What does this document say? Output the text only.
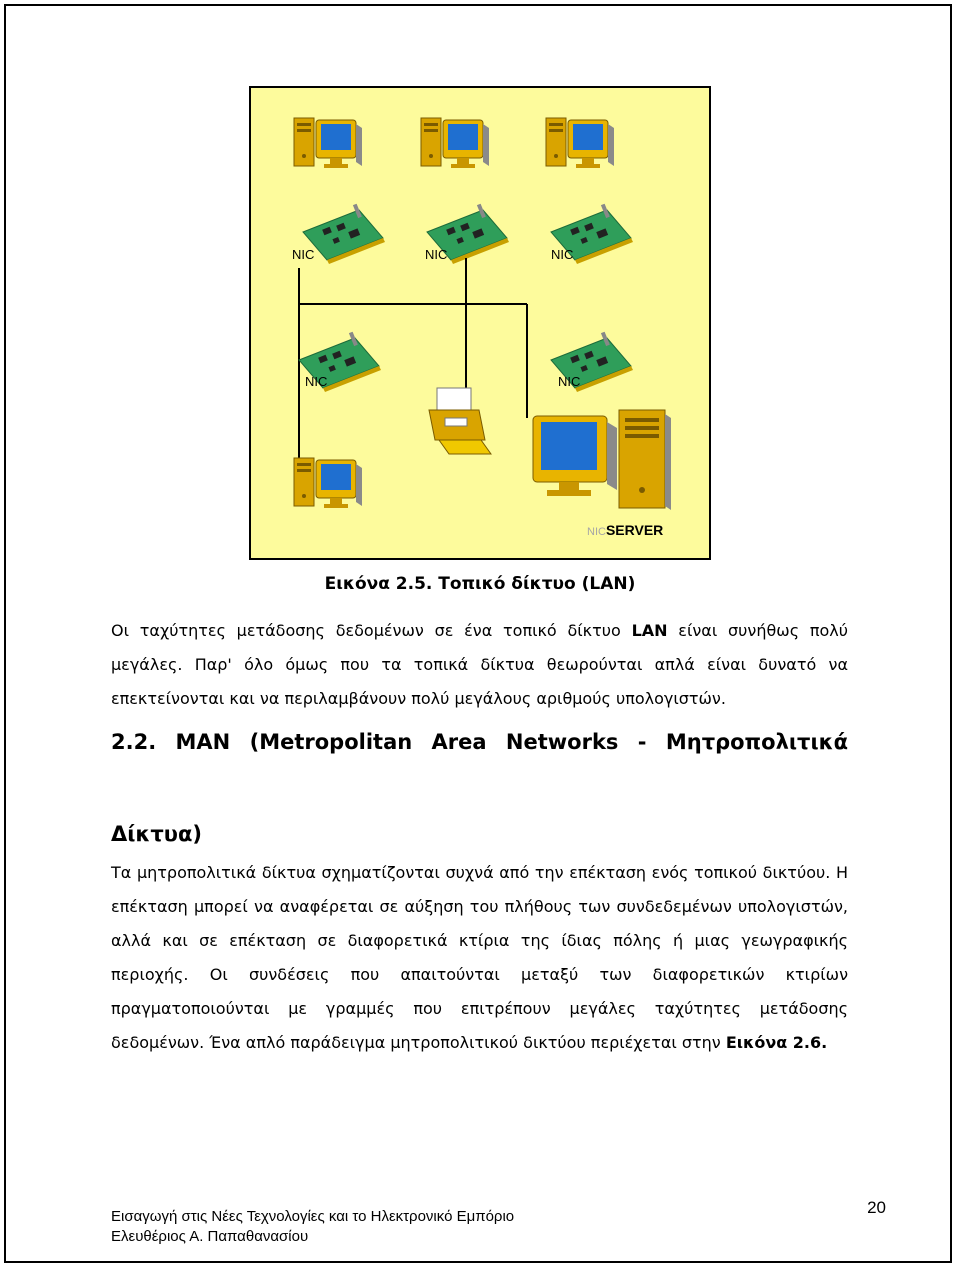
NIC	NIC	NIC
NIC	NIC
NICSERVER
Εικόνα 2.5. Τοπικό δίκτυο (LAN)

Οι ταχύτητες μετάδοσης δεδομένων σε ένα τοπικό δίκτυο LAN είναι συνήθως πολύ μεγάλες. Παρ' όλο όμως που τα τοπικά δίκτυα θεωρούνται απλά είναι δυνατό να επεκτείνονται και να περιλαμβάνουν πολύ μεγάλους αριθμούς υπολογιστών.

2.2. MAN (Metropolitan Area Networks - Μητροπολιτικά
Δίκτυα)

Τα μητροπολιτικά δίκτυα σχηματίζονται συχνά από την επέκταση ενός τοπικού δικτύου. Η επέκταση μπορεί να αναφέρεται σε αύξηση του πλήθους των συνδεδεμένων υπολογιστών, αλλά και σε επέκταση σε διαφορετικά κτίρια της ίδιας πόλης ή μιας γεωγραφικής περιοχής. Οι συνδέσεις που απαιτούνται μεταξύ των διαφορετικών κτιρίων πραγματοποιούνται με γραμμές που επιτρέπουν μεγάλες ταχύτητες μετάδοσης δεδομένων. Ένα απλό παράδειγμα μητροπολιτικού δικτύου περιέχεται στην Εικόνα 2.6.

Εισαγωγή στις Νέες Τεχνολογίες και το Ηλεκτρονικό Εμπόριο
Ελευθέριος Α. Παπαθανασίου
20
